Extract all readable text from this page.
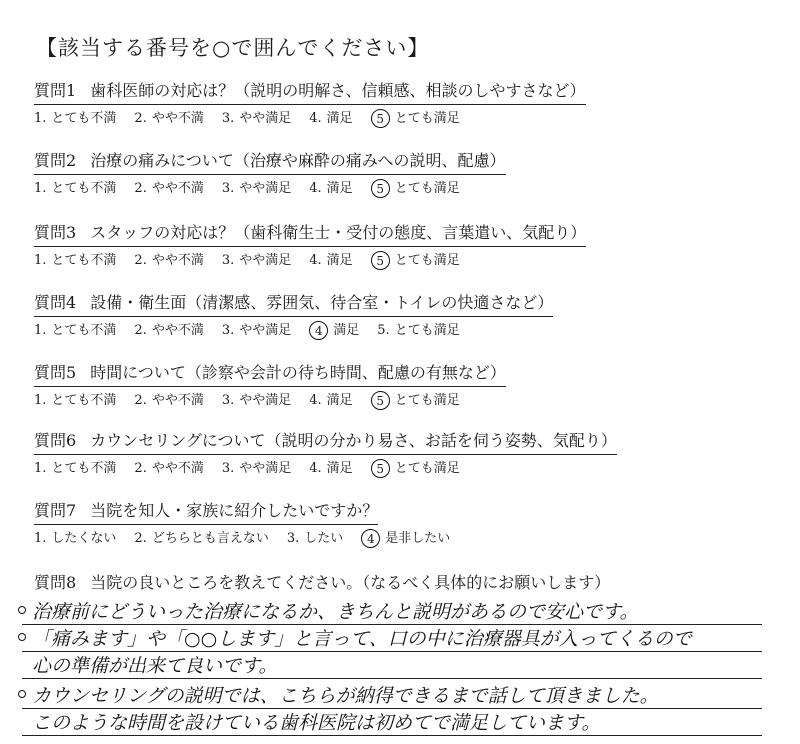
【該当する番号を○で囲んでください】
質問1 歯科医師の対応は？（説明の明解さ、信頼感、相談のしやすさなど）
1. とても不満 2. やや不満 3. やや満足 4. 満足	5 とても満足
質問2 治療の痛みについて（治療や麻酔の痛みへの説明、配慮）
1. とても不満 2. やや不満 3. やや満足 4. 満足	5 とても満足
質問3 スタッフの対応は？（歯科衛生士・受付の態度、言葉遣い、気配り）
1. とても不満 2. やや不満 3. やや満足 4. 満足	5 とても満足
質問4 設備・衛生面（清潔感、雰囲気、待合室・トイレの快適さなど）
1. とても不満 2. やや不満 3. やや満足	4 満足 5. とても満足
質問5 時間について（診察や会計の待ち時間、配慮の有無など）
1. とても不満 2. やや不満 3. やや満足 4. 満足	5 とても満足
質問6 カウンセリングについて（説明の分かり易さ、お話を伺う姿勢、気配り）
1. とても不満 2. やや不満 3. やや満足 4. 満足	5 とても満足
質問7 当院を知人・家族に紹介したいですか？
1. したくない 2. どちらとも言えない 3. したい	4 是非したい
質問8 当院の良いところを教えてください。（なるべく具体的にお願いします）
治療前にどういった治療になるか、きちんと説明があるので安心です。
「痛みます」や「○○します」と言って、口の中に治療器具が入ってくるので
心の準備が出来て良いです。
カウンセリングの説明では、こちらが納得できるまで話して頂きました。
このような時間を設けている歯科医院は初めてで満足しています。
